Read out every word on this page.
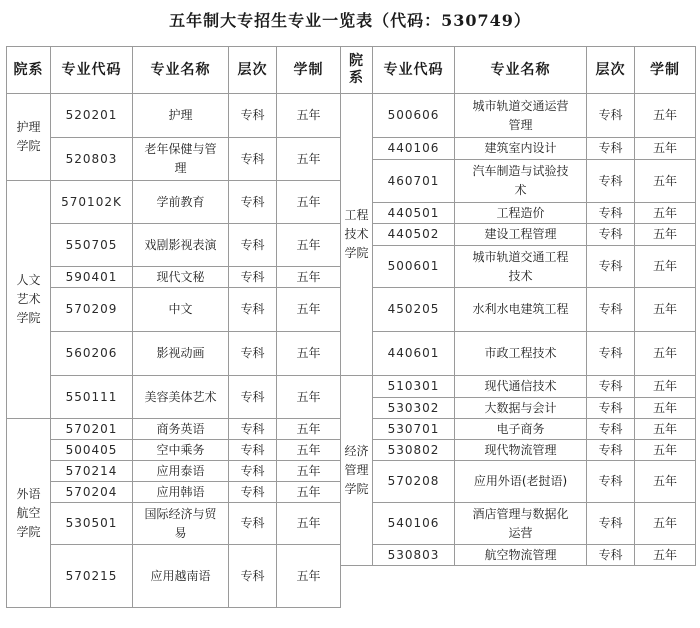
五年制大专招生专业一览表（代码：530749）
院系	专业代码	专业名称	层次	学制	院系	专业代码	专业名称	层次	学制
护理学院	520201	护理	专科	五年	工程技术学院	500606	城市轨道交通运营管理	专科	五年

	520803	老年保健与管理	专科	五年		440106	建筑室内设计	专科	五年
						460701	汽车制造与试验技术	专科	五年
人文艺术学院	570102K	学前教育	专科	五年					
						440501	工程造价	专科	五年
	550705	戏剧影视表演	专科	五年		440502	建设工程管理	专科	五年
						500601	城市轨道交通工程技术	专科	五年
	590401	现代文秘	专科	五年					
	570209	中文	专科	五年		450205	水利水电建筑工程	专科	五年

	560206	影视动画	专科	五年		440601	市政工程技术	专科	五年

	550111	美容美体艺术	专科	五年	经济管理学院	510301	现代通信技术	专科	五年
						530302	大数据与会计	专科	五年
外语航空学院	570201	商务英语	专科	五年		530701	电子商务	专科	五年
	500405	空中乘务	专科	五年		530802	现代物流管理	专科	五年
	570214	应用泰语	专科	五年		570208	应用外语(老挝语)	专科	五年
	570204	应用韩语	专科	五年					
	530501	国际经济与贸易	专科	五年		540106	酒店管理与数据化运营	专科	五年

	570215	应用越南语	专科	五年		530803	航空物流管理	专科	五年
